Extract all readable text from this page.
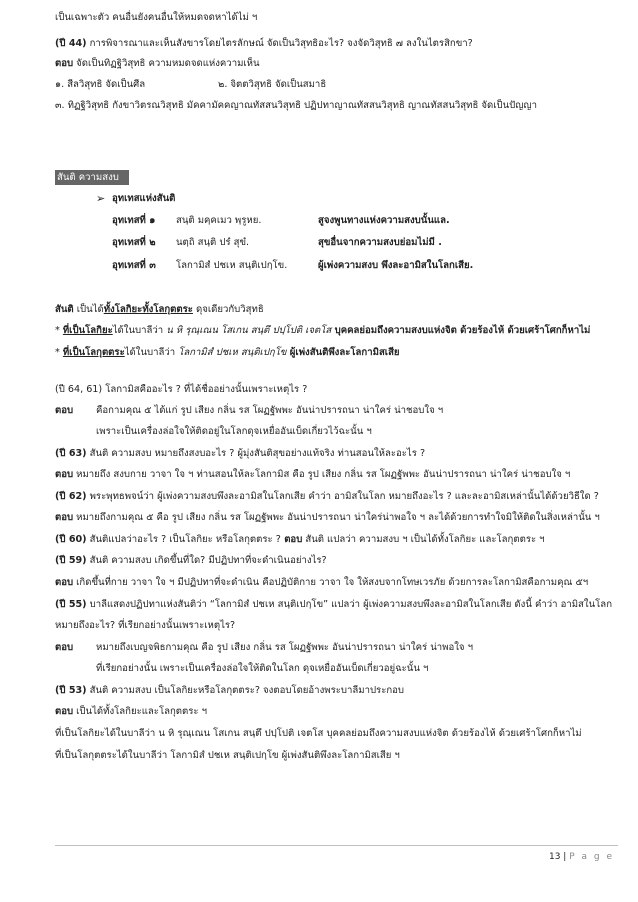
เป็นเฉพาะตัว คนอื่นยังคนอื่นให้หมดจดหาได้ไม่ ฯ
(ปี 44) การพิจารณาและเห็นสังขารโดยไตรลักษณ์ จัดเป็นวิสุทธิอะไร? จงจัดวิสุทธิ ๗ ลงในไตรสิกขา?
ตอบ จัดเป็นทิฏฐิวิสุทธิ ความหมดจดแห่งความเห็น
๑. สีลวิสุทธิ จัดเป็นศีล	๒. จิตตวิสุทธิ จัดเป็นสมาธิ
๓. ทิฏฐิวิสุทธิ กังขาวิตรณวิสุทธิ มัคคามัคคญาณทัสสนวิสุทธิ ปฏิปทาญาณทัสสนวิสุทธิ ญาณทัสสนวิสุทธิ จัดเป็นปัญญา
สันติ ความสงบ
➢ อุทเทสแห่งสันติ
อุทเทสที่ ๑ สนฺติ มคฺคเมว พฺรูหย.	สูจงพูนทางแห่งความสงบนั้นแล.
อุทเทสที่ ๒ นตฺถิ สนฺติ ปรํ สุขํ.	สุขอื่นจากความสงบย่อมไม่มี .
อุทเทสที่ ๓ โลกามิสํ ปชเห สนฺติเปกฺโข.	ผู้เพ่งความสงบ พึงละอามิสในโลกเสีย.
สันติ เป็นได้ทั้งโลกิยะทั้งโลกุตตระ ดุจเดียวกับวิสุทธิ
* ที่เป็นโลกิยะได้ในบาลีว่า น หิ รุณฺเณน โสเกน สนฺตึ ปปฺโปติ เจตโส บุคคลย่อมถึงความสงบแห่งจิต ด้วยร้องไห้ ด้วยเศร้าโศกก็หาไม่
* ที่เป็นโลกุตตระได้ในบาลีว่า โลกามิสํ ปชเห สนฺติเปกฺโข ผู้เพ่งสันติพึงละโลกามิสเสีย
(ปี 64, 61) โลกามิสคืออะไร ? ที่ได้ชื่ออย่างนั้นเพราะเหตุไร ?
ตอบ คือกามคุณ ๕ ได้แก่ รูป เสียง กลิ่น รส โผฏฐัพพะ อันน่าปรารถนา น่าใคร่ น่าชอบใจ ฯ
เพราะเป็นเครื่องล่อใจให้ติดอยู่ในโลกดุจเหยื่ออันเบ็ดเกี่ยวไว้ฉะนั้น ฯ
(ปี 63) สันติ ความสงบ หมายถึงสงบอะไร ? ผู้มุ่งสันติสุขอย่างแท้จริง ท่านสอนให้ละอะไร ?
ตอบ หมายถึง สงบกาย วาจา ใจ ฯ ท่านสอนให้ละโลกามิส คือ รูป เสียง กลิ่น รส โผฏฐัพพะ อันน่าปรารถนา น่าใคร่ น่าชอบใจ ฯ
(ปี 62) พระพุทธพจน์ว่า ผู้เพ่งความสงบพึงละอามิสในโลกเสีย คำว่า อามิสในโลก หมายถึงอะไร ? และละอามิสเหล่านั้นได้ด้วยวิธีใด ?
ตอบ หมายถึงกามคุณ ๕ คือ รูป เสียง กลิ่น รส โผฏฐัพพะ อันน่าปรารถนา น่าใคร่น่าพอใจ ฯ ละได้ด้วยการทำใจมิให้ติดในสิ่งเหล่านั้น ฯ
(ปี 60) สันติแปลว่าอะไร ? เป็นโลกิยะ หรือโลกุตตระ ? ตอบ สันติ แปลว่า ความสงบ ฯ เป็นได้ทั้งโลกิยะ และโลกุตตระ ฯ
(ปี 59) สันติ ความสงบ เกิดขึ้นที่ใด? มีปฏิปทาที่จะดำเนินอย่างไร?
ตอบ เกิดขึ้นที่กาย วาจา ใจ ฯ มีปฏิปทาที่จะดำเนิน คือปฏิบัติกาย วาจา ใจ ให้สงบจากโทษเวรภัย ด้วยการละโลกามิสคือกามคุณ ๕ฯ
(ปี 55) บาลีแสดงปฏิปทาแห่งสันติว่า “โลกามิสํ ปชเห สนฺติเปกฺโข” แปลว่า ผู้เพ่งความสงบพึงละอามิสในโลกเสีย ดังนี้ คำว่า อามิสในโลก
หมายถึงอะไร? ที่เรียกอย่างนั้นเพราะเหตุไร?
ตอบ หมายถึงเบญจพิธกามคุณ คือ รูป เสียง กลิ่น รส โผฏฐัพพะ อันน่าปรารถนา น่าใคร่ น่าพอใจ ฯ
ที่เรียกอย่างนั้น เพราะเป็นเครื่องล่อใจให้ติดในโลก ดุจเหยื่ออันเบ็ดเกี่ยวอยู่ฉะนั้น ฯ
(ปี 53) สันติ ความสงบ เป็นโลกิยะหรือโลกุตตระ? จงตอบโดยอ้างพระบาลีมาประกอบ
ตอบ เป็นได้ทั้งโลกิยะและโลกุตตระ ฯ
ที่เป็นโลกิยะได้ในบาลีว่า น หิ รุณฺเณน โสเกน สนฺตึ ปปฺโปติ เจตโส บุคคลย่อมถึงความสงบแห่งจิต ด้วยร้องไห้ ด้วยเศร้าโศกก็หาไม่
ที่เป็นโลกุตตระได้ในบาลีว่า โลกามิสํ ปชเห สนฺติเปกฺโข ผู้เพ่งสันติพึงละโลกามิสเสีย ฯ
13 | P a g e
